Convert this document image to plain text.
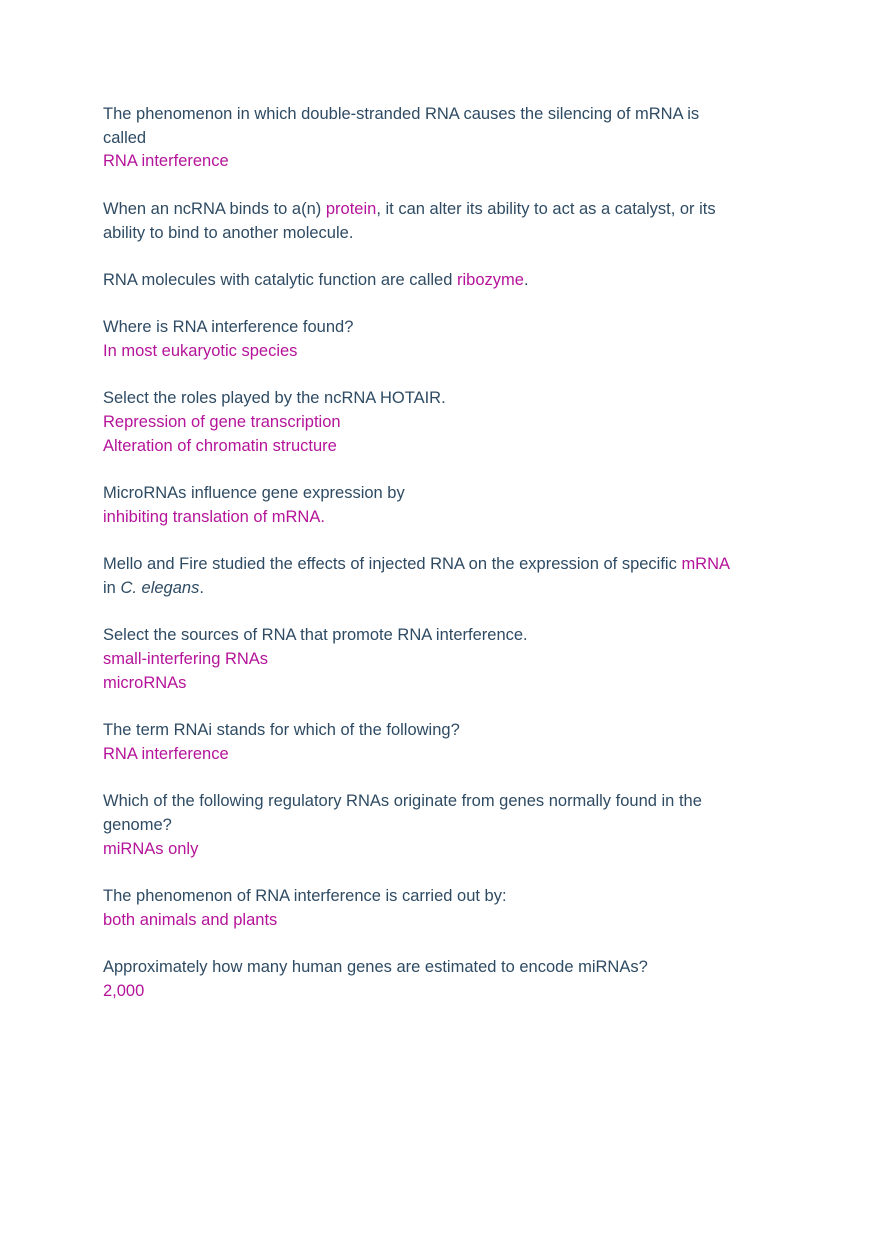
The phenomenon in which double-stranded RNA causes the silencing of mRNA is
called
RNA interference
When an ncRNA binds to a(n) protein, it can alter its ability to act as a catalyst, or its
ability to bind to another molecule.
RNA molecules with catalytic function are called ribozyme.
Where is RNA interference found?
In most eukaryotic species
Select the roles played by the ncRNA HOTAIR.
Repression of gene transcription
Alteration of chromatin structure
MicroRNAs influence gene expression by
inhibiting translation of mRNA.
Mello and Fire studied the effects of injected RNA on the expression of specific mRNA
in C. elegans.
Select the sources of RNA that promote RNA interference.
small-interfering RNAs
microRNAs
The term RNAi stands for which of the following?
RNA interference
Which of the following regulatory RNAs originate from genes normally found in the
genome?
miRNAs only
The phenomenon of RNA interference is carried out by:
both animals and plants
Approximately how many human genes are estimated to encode miRNAs?
2,000
